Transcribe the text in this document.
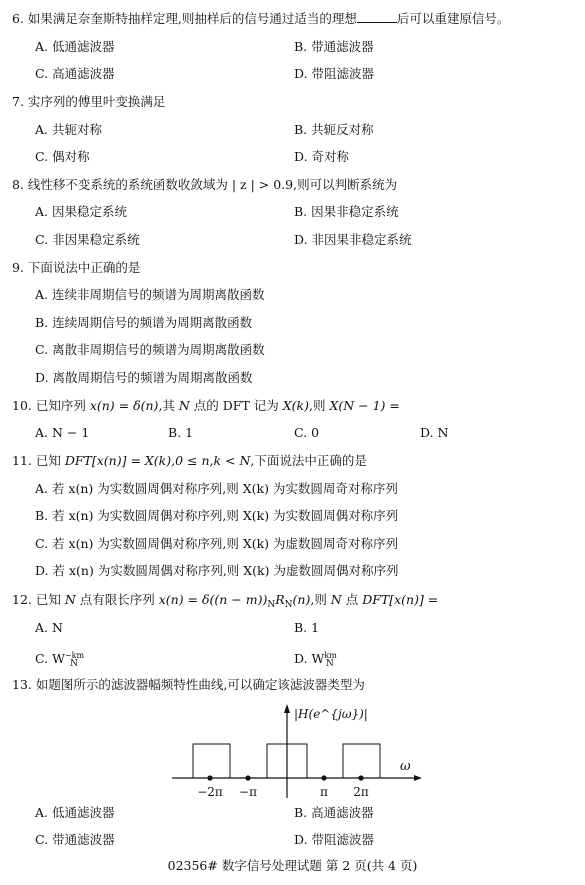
6. 如果满足奈奎斯特抽样定理,则抽样后的信号通过适当的理想	后可以重建原信号。
A. 低通滤波器	B. 带通滤波器
C. 高通滤波器	D. 带阻滤波器
7. 实序列的傅里叶变换满足
A. 共轭对称	B. 共轭反对称
C. 偶对称	D. 奇对称
8. 线性移不变系统的系统函数收敛域为 | z | > 0.9,则可以判断系统为
A. 因果稳定系统	B. 因果非稳定系统
C. 非因果稳定系统	D. 非因果非稳定系统
9. 下面说法中正确的是
A. 连续非周期信号的频谱为周期离散函数
B. 连续周期信号的频谱为周期离散函数
C. 离散非周期信号的频谱为周期离散函数
D. 离散周期信号的频谱为周期离散函数
10. 已知序列 x(n) = δ(n),其 N 点的 DFT 记为 X(k),则 X(N − 1) =
A. N − 1	B. 1	C. 0	D. N
11. 已知 DFT[x(n)] = X(k),0 ≤ n,k < N,下面说法中正确的是
A. 若 x(n) 为实数圆周偶对称序列,则 X(k) 为实数圆周奇对称序列
B. 若 x(n) 为实数圆周偶对称序列,则 X(k) 为实数圆周偶对称序列
C. 若 x(n) 为实数圆周偶对称序列,则 X(k) 为虚数圆周奇对称序列
D. 若 x(n) 为实数圆周偶对称序列,则 X(k) 为虚数圆周偶对称序列
12. 已知 N 点有限长序列 $x(n) = \delta((n - m))_NR_N(n)$,则 N 点 DFT[x(n)] =
A. N	B. 1
C. $W^{-km}_N$	D. $W^{km}_N$
13. 如题图所示的滤波器幅频特性曲线,可以确定该滤波器类型为
|H(e^{jω})|
ω
−2π −π	π 2π
A. 低通滤波器	B. 高通滤波器
C. 带通滤波器	D. 带阻滤波器
02356# 数字信号处理试题 第 2 页(共 4 页)
